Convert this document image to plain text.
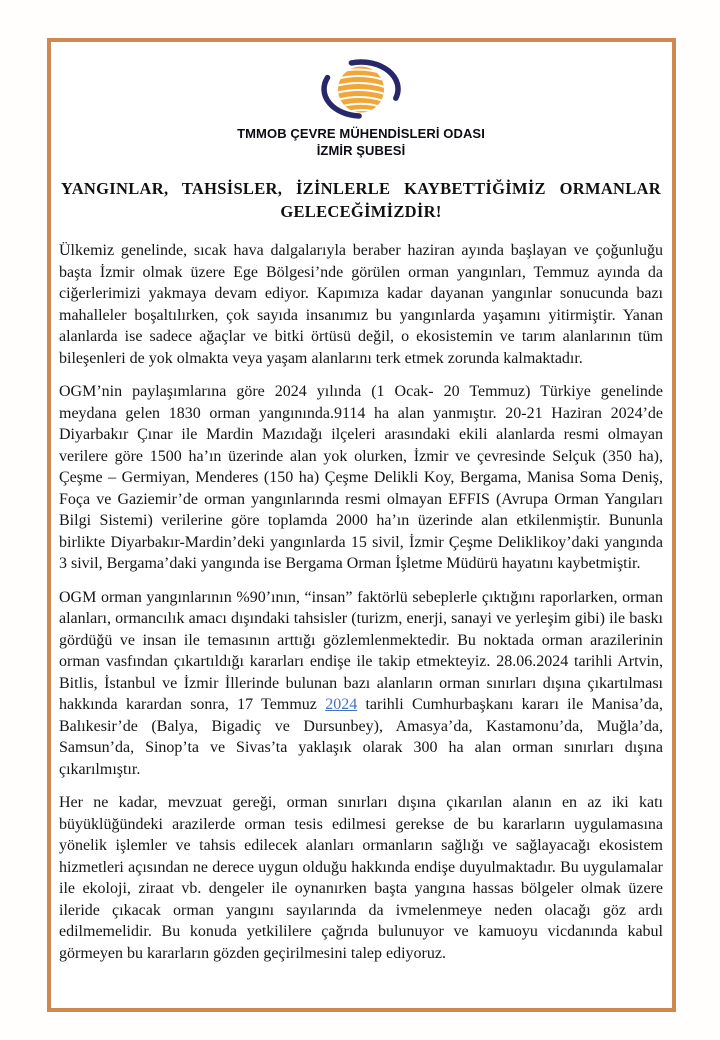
TMMOB ÇEVRE MÜHENDİSLERİ ODASI
İZMİR ŞUBESİ
YANGINLAR, TAHSİSLER, İZİNLERLE KAYBETTİĞİMİZ ORMANLAR GELECEĞİMİZDİR!

Ülkemiz genelinde, sıcak hava dalgalarıyla beraber haziran ayında başlayan ve çoğunluğu başta İzmir olmak üzere Ege Bölgesi’nde görülen orman yangınları, Temmuz ayında da ciğerlerimizi yakmaya devam ediyor. Kapımıza kadar dayanan yangınlar sonucunda bazı mahalleler boşaltılırken, çok sayıda insanımız bu yangınlarda yaşamını yitirmiştir. Yanan alanlarda ise sadece ağaçlar ve bitki örtüsü değil, o ekosistemin ve tarım alanlarının tüm bileşenleri de yok olmakta veya yaşam alanlarını terk etmek zorunda kalmaktadır.

OGM’nin paylaşımlarına göre 2024 yılında (1 Ocak- 20 Temmuz) Türkiye genelinde meydana gelen 1830 orman yangınında.9114 ha alan yanmıştır. 20-21 Haziran 2024’de Diyarbakır Çınar ile Mardin Mazıdağı ilçeleri arasındaki ekili alanlarda resmi olmayan verilere göre 1500 ha’ın üzerinde alan yok olurken, İzmir ve çevresinde Selçuk (350 ha), Çeşme – Germiyan, Menderes (150 ha) Çeşme Delikli Koy, Bergama, Manisa Soma Deniş, Foça ve Gaziemir’de orman yangınlarında resmi olmayan EFFIS (Avrupa Orman Yangıları Bilgi Sistemi) verilerine göre toplamda 2000 ha’ın üzerinde alan etkilenmiştir. Bununla birlikte Diyarbakır-Mardin’deki yangınlarda 15 sivil, İzmir Çeşme Deliklikoy’daki yangında 3 sivil, Bergama’daki yangında ise Bergama Orman İşletme Müdürü hayatını kaybetmiştir.

OGM orman yangınlarının %90’ının, “insan” faktörlü sebeplerle çıktığını raporlarken, orman alanları, ormancılık amacı dışındaki tahsisler (turizm, enerji, sanayi ve yerleşim gibi) ile baskı gördüğü ve insan ile temasının arttığı gözlemlenmektedir. Bu noktada orman arazilerinin orman vasfından çıkartıldığı kararları endişe ile takip etmekteyiz. 28.06.2024 tarihli Artvin, Bitlis, İstanbul ve İzmir İllerinde bulunan bazı alanların orman sınırları dışına çıkartılması hakkında karardan sonra, 17 Temmuz 2024 tarihli Cumhurbaşkanı kararı ile Manisa’da, Balıkesir’de (Balya, Bigadiç ve Dursunbey), Amasya’da, Kastamonu’da, Muğla’da, Samsun’da, Sinop’ta ve Sivas’ta yaklaşık olarak 300 ha alan orman sınırları dışına çıkarılmıştır.

Her ne kadar, mevzuat gereği, orman sınırları dışına çıkarılan alanın en az iki katı büyüklüğündeki arazilerde orman tesis edilmesi gerekse de bu kararların uygulamasına yönelik işlemler ve tahsis edilecek alanları ormanların sağlığı ve sağlayacağı ekosistem hizmetleri açısından ne derece uygun olduğu hakkında endişe duyulmaktadır. Bu uygulamalar ile ekoloji, ziraat vb. dengeler ile oynanırken başta yangına hassas bölgeler olmak üzere ileride çıkacak orman yangını sayılarında da ivmelenmeye neden olacağı göz ardı edilmemelidir. Bu konuda yetkililere çağrıda bulunuyor ve kamuoyu vicdanında kabul görmeyen bu kararların gözden geçirilmesini talep ediyoruz.
